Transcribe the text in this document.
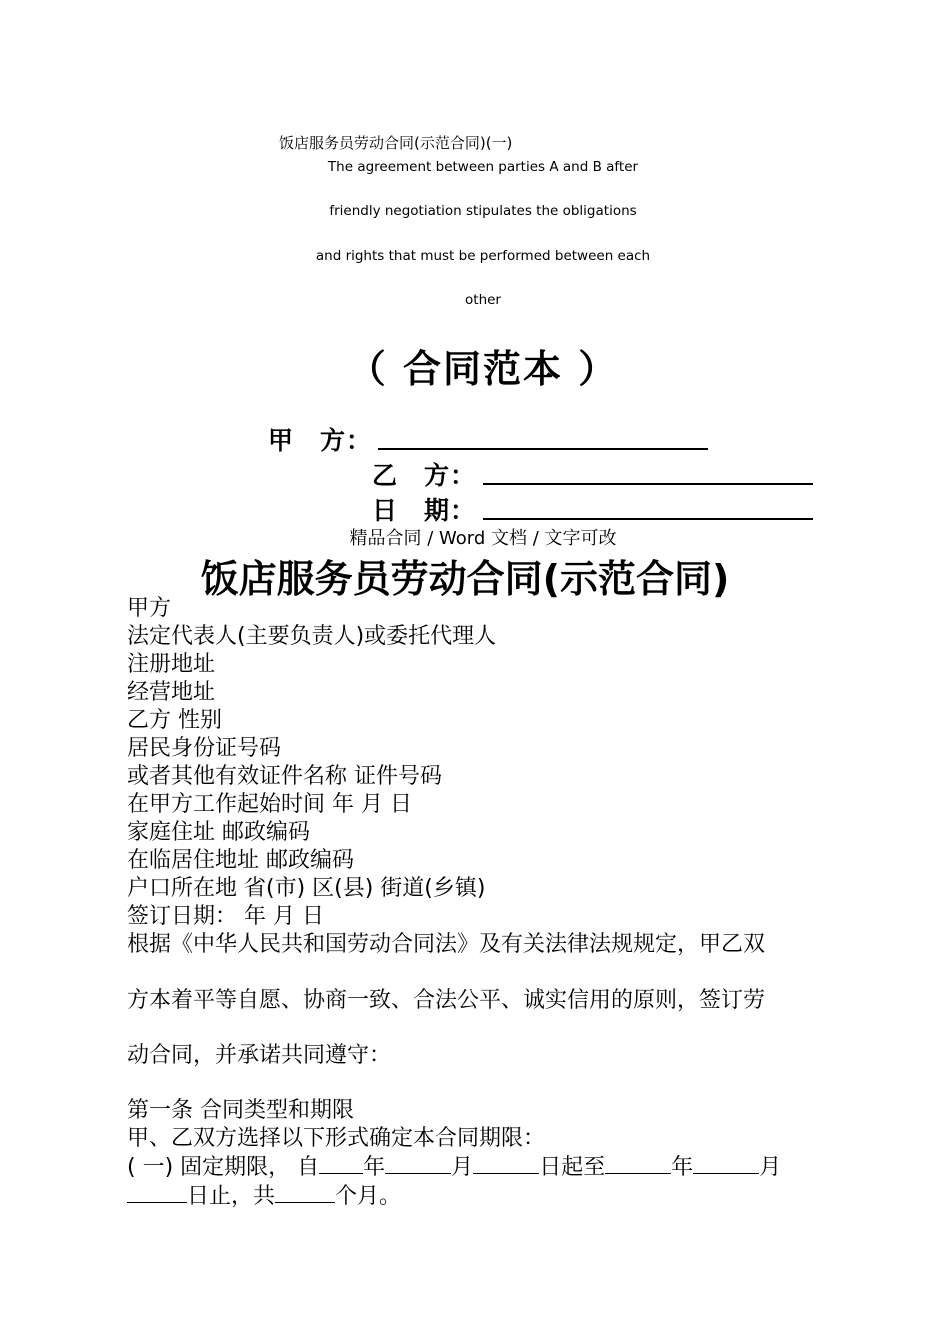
饭店服务员劳动合同(示范合同)(一)
The agreement between parties A and B after
friendly negotiation stipulates the obligations
and rights that must be performed between each
other
（ 合同范本 ）
甲　方：
乙　方：
日　期：
精品合同 / Word 文档 / 文字可改
饭店服务员劳动合同(示范合同)
甲方
法定代表人(主要负责人)或委托代理人
注册地址
经营地址
乙方 性别
居民身份证号码
或者其他有效证件名称 证件号码
在甲方工作起始时间 年 月 日
家庭住址 邮政编码
在临居住地址 邮政编码
户口所在地 省(市) 区(县) 街道(乡镇)
签订日期： 年 月 日
根据《中华人民共和国劳动合同法》及有关法律法规规定，甲乙双
方本着平等自愿、协商一致、合法公平、诚实信用的原则，签订劳
动合同，并承诺共同遵守：
第一条 合同类型和期限
甲、乙双方选择以下形式确定本合同期限：
( 一) 固定期限， 自 年	月	日起至	年	月
日止，共	个月。
